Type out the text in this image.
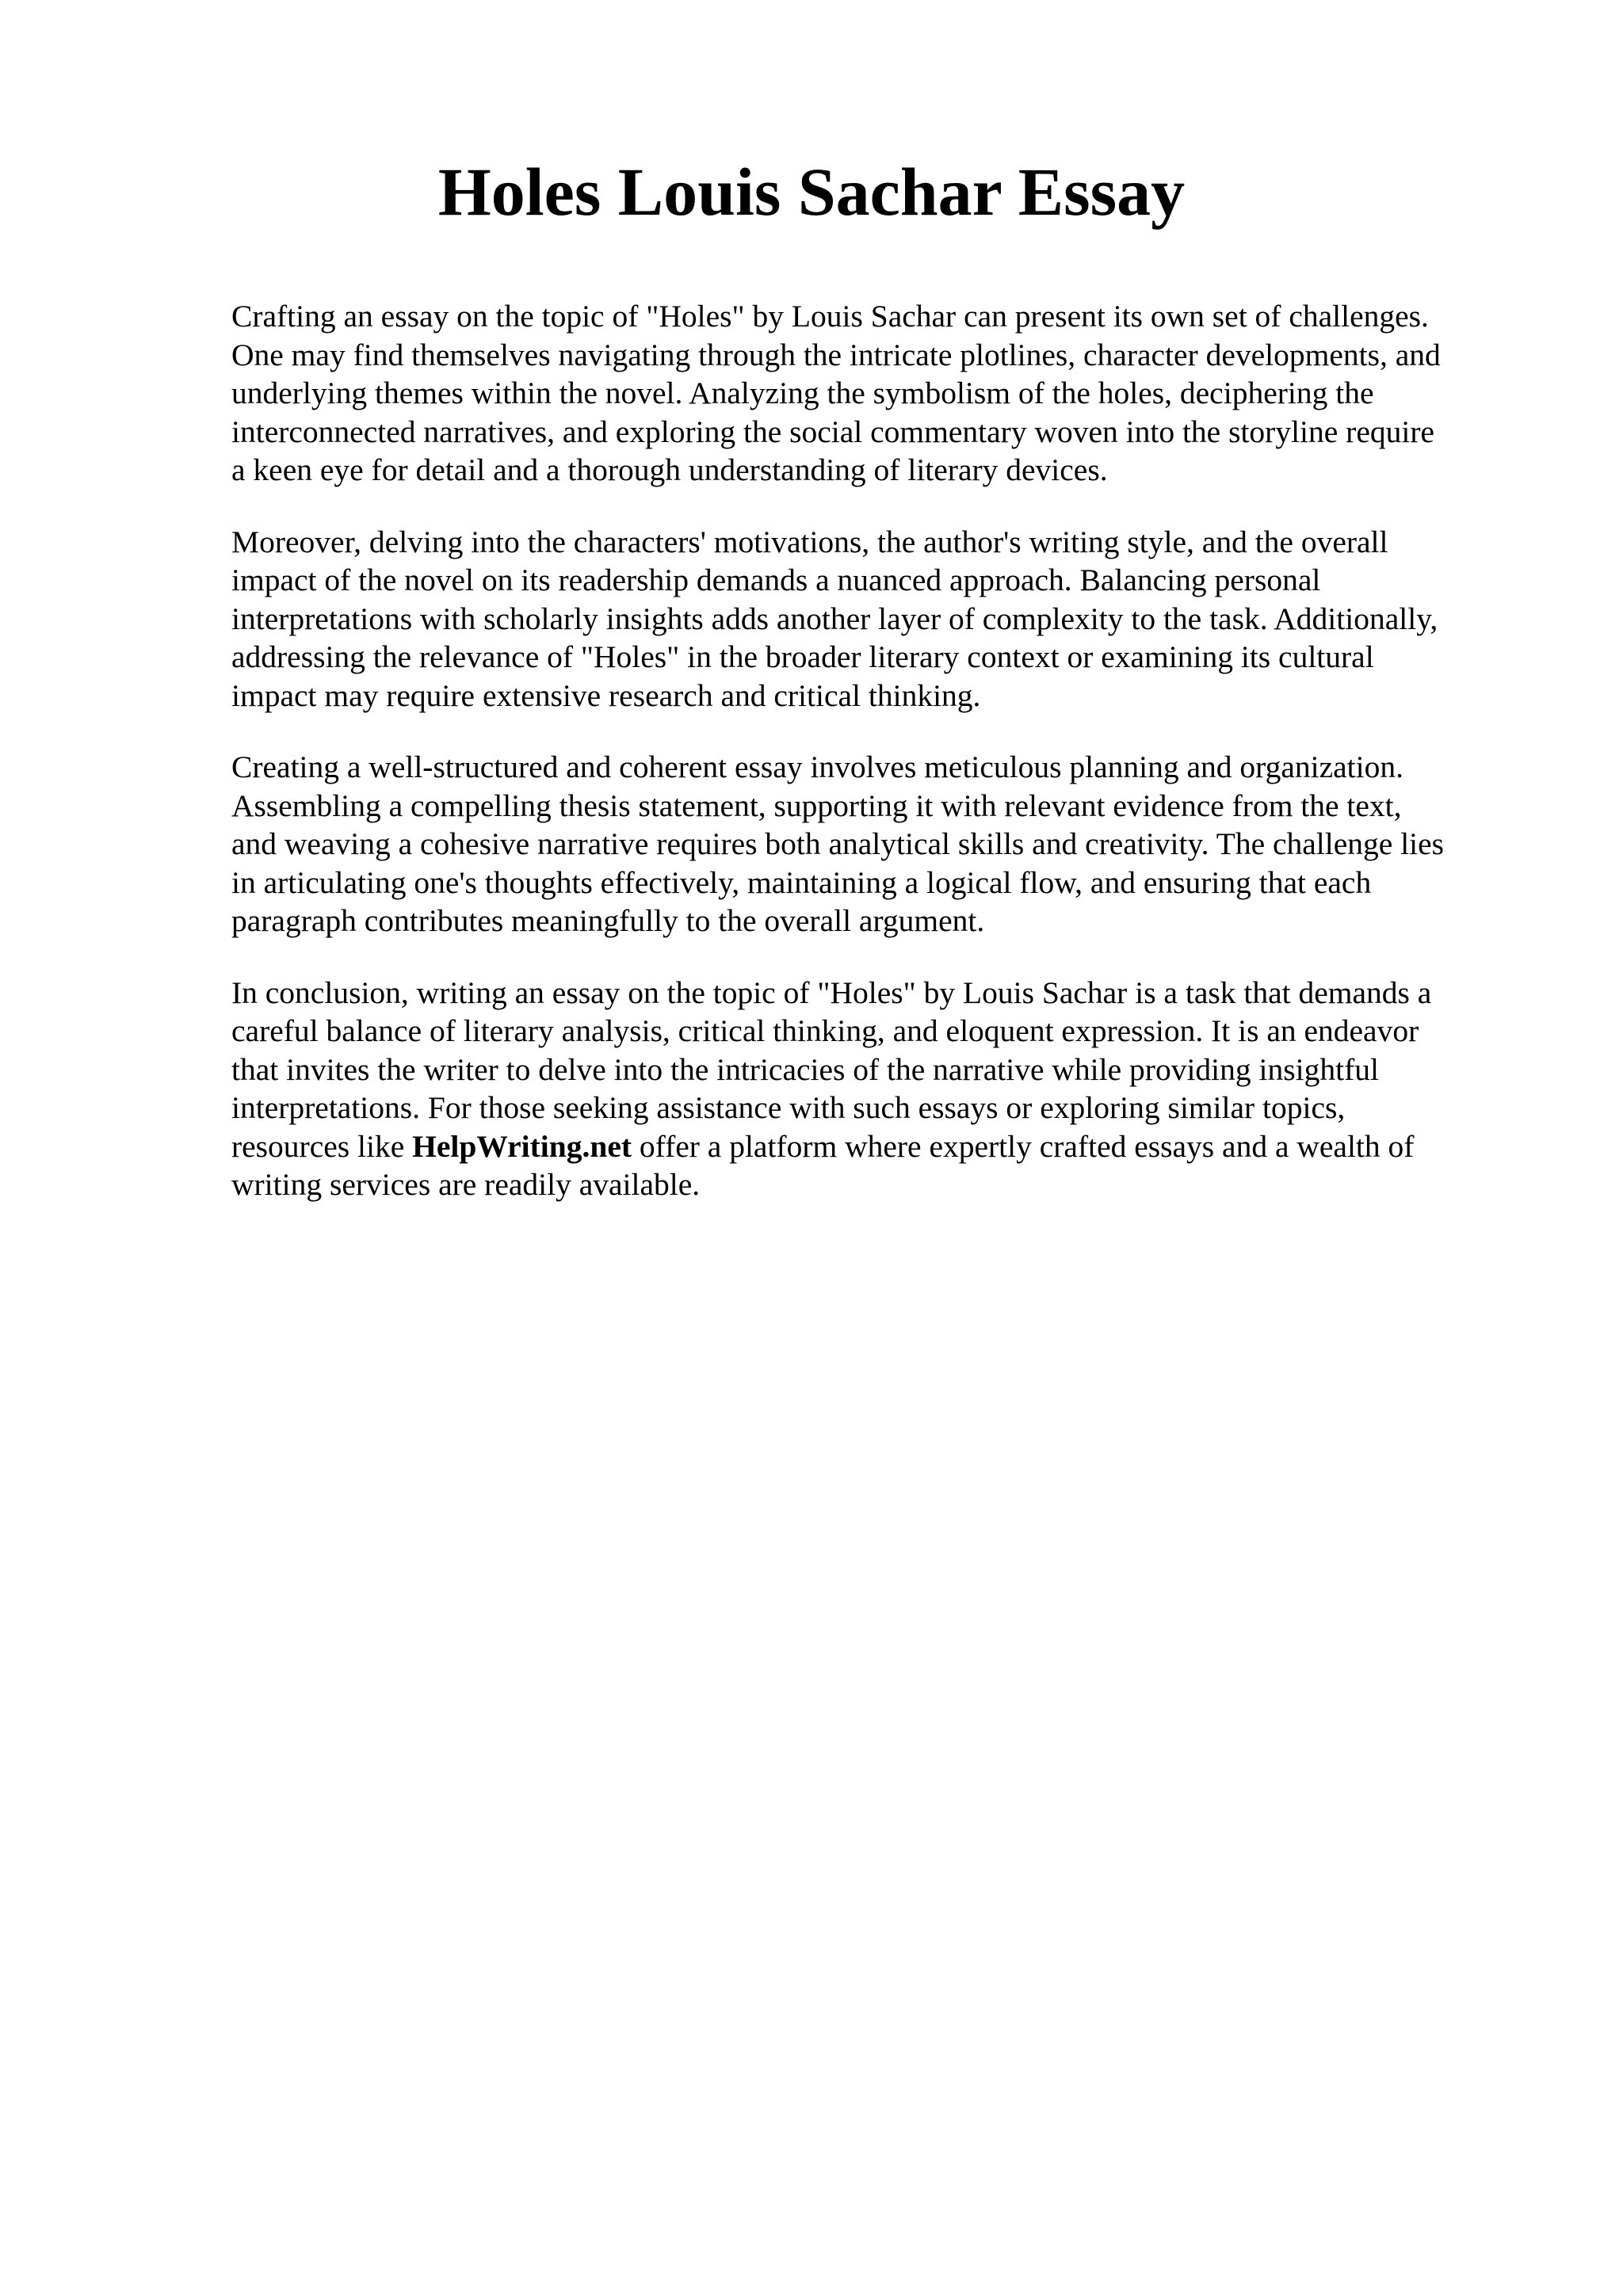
Holes Louis Sachar Essay

Crafting an essay on the topic of "Holes" by Louis Sachar can present its own set of challenges.
One may find themselves navigating through the intricate plotlines, character developments, and
underlying themes within the novel. Analyzing the symbolism of the holes, deciphering the
interconnected narratives, and exploring the social commentary woven into the storyline require
a keen eye for detail and a thorough understanding of literary devices.

Moreover, delving into the characters' motivations, the author's writing style, and the overall
impact of the novel on its readership demands a nuanced approach. Balancing personal
interpretations with scholarly insights adds another layer of complexity to the task. Additionally,
addressing the relevance of "Holes" in the broader literary context or examining its cultural
impact may require extensive research and critical thinking.

Creating a well-structured and coherent essay involves meticulous planning and organization.
Assembling a compelling thesis statement, supporting it with relevant evidence from the text,
and weaving a cohesive narrative requires both analytical skills and creativity. The challenge lies
in articulating one's thoughts effectively, maintaining a logical flow, and ensuring that each
paragraph contributes meaningfully to the overall argument.

In conclusion, writing an essay on the topic of "Holes" by Louis Sachar is a task that demands a
careful balance of literary analysis, critical thinking, and eloquent expression. It is an endeavor
that invites the writer to delve into the intricacies of the narrative while providing insightful
interpretations. For those seeking assistance with such essays or exploring similar topics,
resources like HelpWriting.net offer a platform where expertly crafted essays and a wealth of
writing services are readily available.
